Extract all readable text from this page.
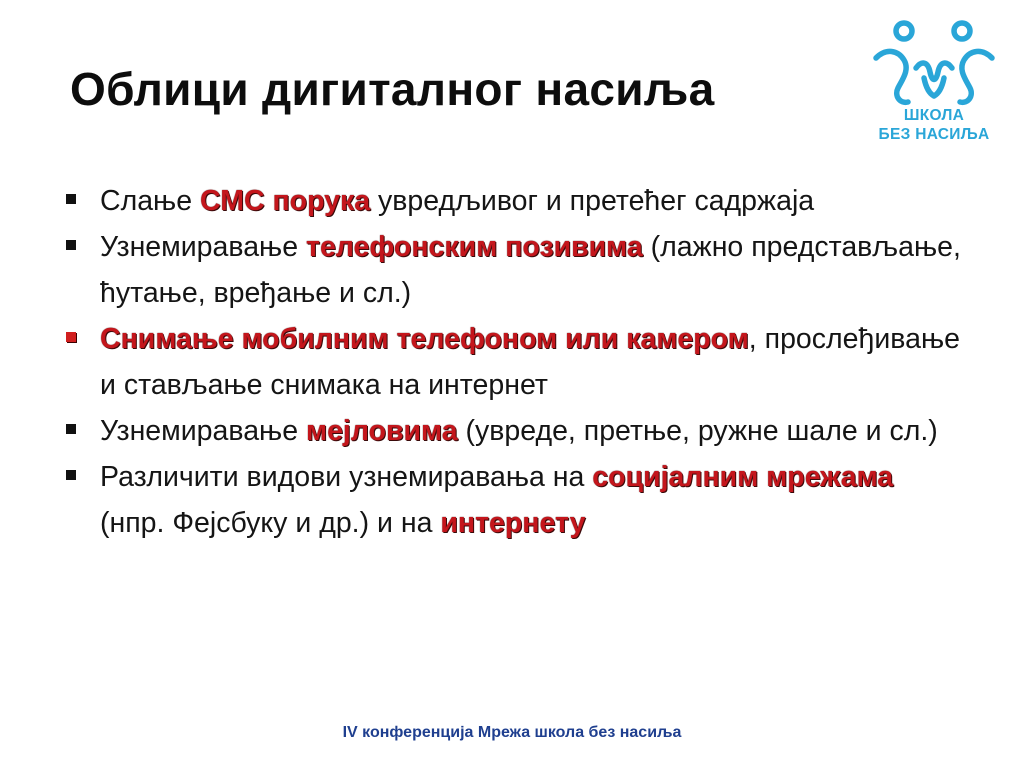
Облици дигиталног насиља
ШКОЛА
БЕЗ НАСИЉА
Слање СМС порука увредљивог и претећег садржаја
Узнемиравање телефонским позивима (лажно представљање, ћутање, вређање и сл.)
Снимање мобилним телефоном или камером, прослеђивање и стављање снимака на интернет
Узнемиравање мејловима (увреде, претње, ружне шале и сл.)
Различити видови узнемиравања на социјалним мрежама (нпр. Фејсбуку и др.) и на интернету
IV конференција Мрежа школа без насиља
